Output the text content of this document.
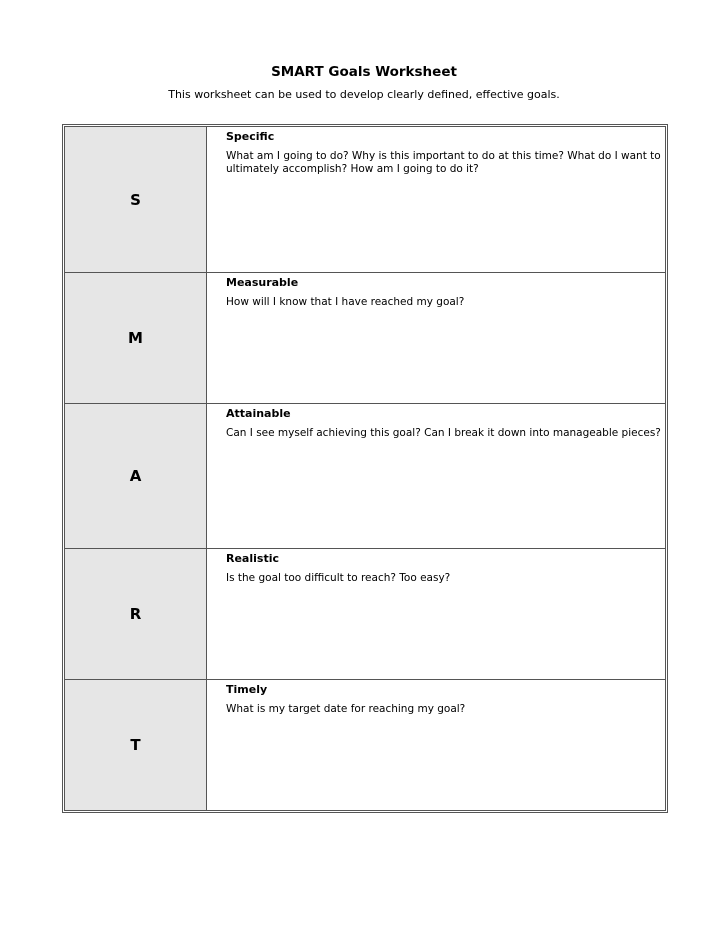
SMART Goals Worksheet
This worksheet can be used to develop clearly defined, effective goals.
S
Specific
What am I going to do? Why is this important to do at this time? What do I want to ultimately accomplish? How am I going to do it?
M
Measurable
How will I know that I have reached my goal?
A
Attainable
Can I see myself achieving this goal? Can I break it down into manageable pieces?
R
Realistic
Is the goal too difficult to reach? Too easy?
T
Timely
What is my target date for reaching my goal?
